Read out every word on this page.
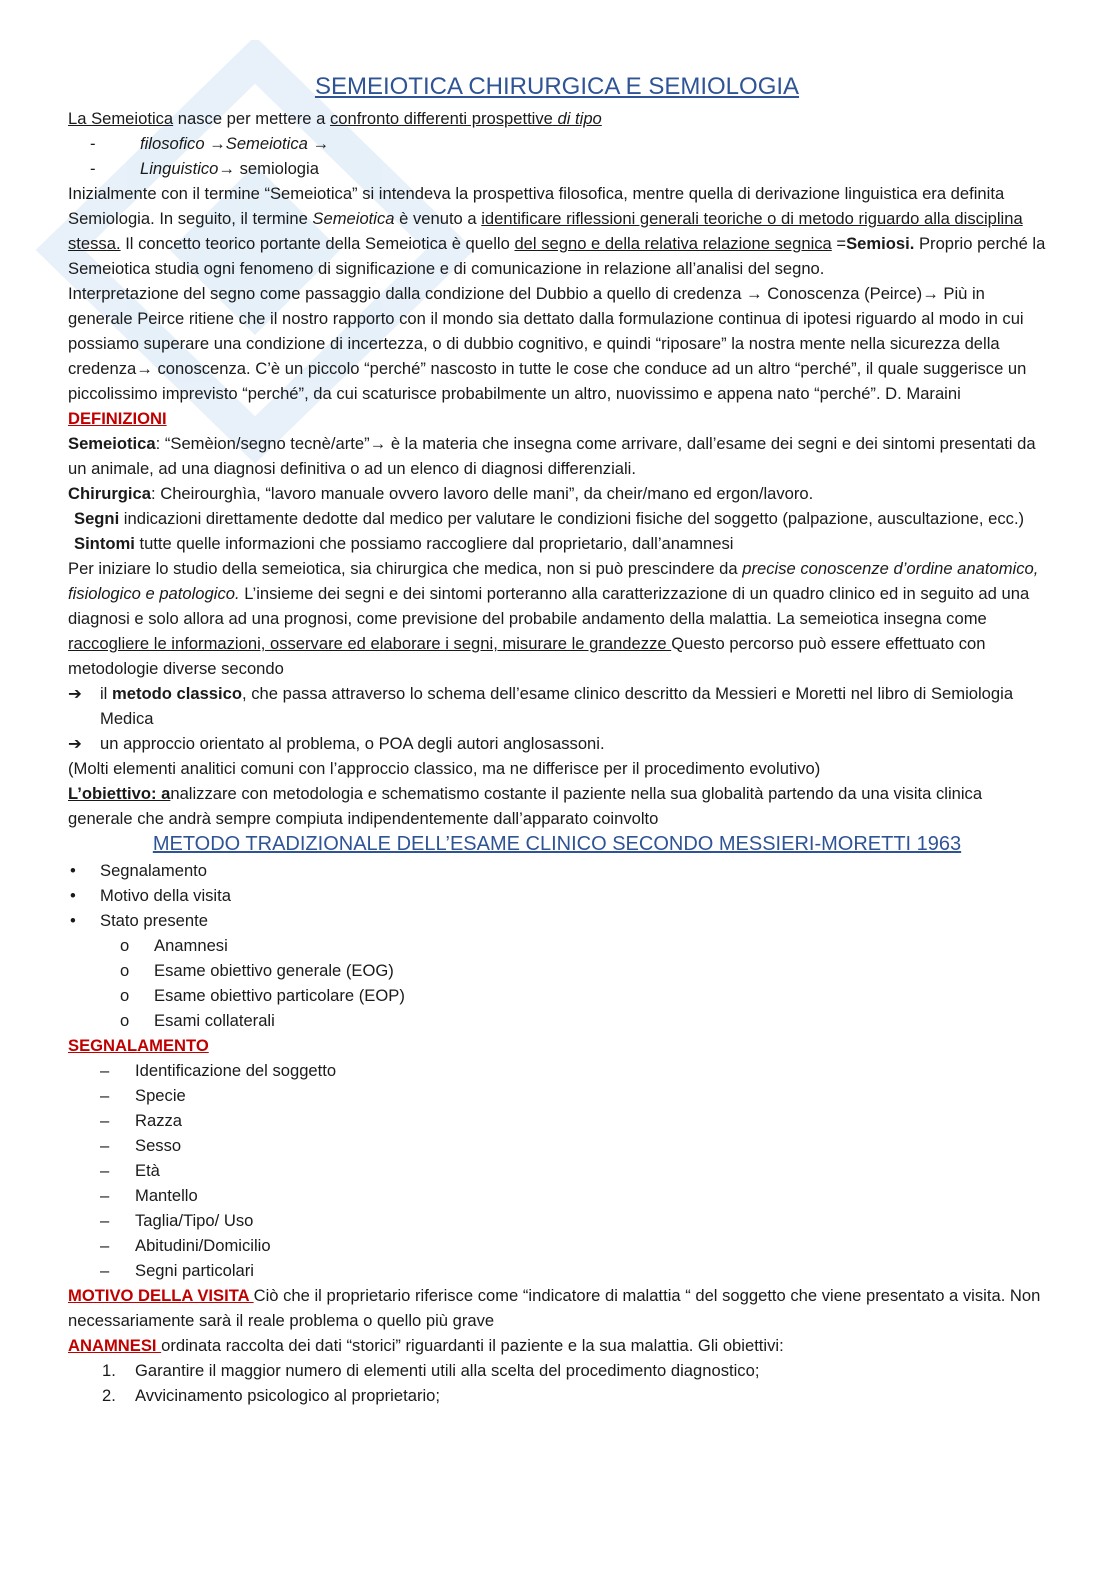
SEMEIOTICA CHIRURGICA E SEMIOLOGIA

La Semeiotica nasce per mettere a confronto differenti prospettive di tipo

- filosofico →Semeiotica →
- Linguistico→ semiologia

Inizialmente con il termine “Semeiotica” si intendeva la prospettiva filosofica, mentre quella di derivazione linguistica era definita Semiologia. In seguito, il termine Semeiotica è venuto a identificare riflessioni generali teoriche o di metodo riguardo alla disciplina stessa. Il concetto teorico portante della Semeiotica è quello del segno e della relativa relazione segnica =Semiosi. Proprio perché la Semeiotica studia ogni fenomeno di significazione e di comunicazione in relazione all’analisi del segno.

Interpretazione del segno come passaggio dalla condizione del Dubbio a quello di credenza → Conoscenza (Peirce)→ Più in generale Peirce ritiene che il nostro rapporto con il mondo sia dettato dalla formulazione continua di ipotesi riguardo al modo in cui possiamo superare una condizione di incertezza, o di dubbio cognitivo, e quindi “riposare” la nostra mente nella sicurezza della credenza→ conoscenza. C’è un piccolo “perché” nascosto in tutte le cose che conduce ad un altro “perché”, il quale suggerisce un piccolissimo imprevisto “perché”, da cui scaturisce probabilmente un altro, nuovissimo e appena nato “perché”. D. Maraini

DEFINIZIONI

Semeiotica: “Semèion/segno tecnè/arte”→ è la materia che insegna come arrivare, dall’esame dei segni e dei sintomi presentati da un animale, ad una diagnosi definitiva o ad un elenco di diagnosi differenziali.

Chirurgica: Cheirourghìa, “lavoro manuale ovvero lavoro delle mani”, da cheir/mano ed ergon/lavoro.

Segni indicazioni direttamente dedotte dal medico per valutare le condizioni fisiche del soggetto (palpazione, auscultazione, ecc.)

Sintomi tutte quelle informazioni che possiamo raccogliere dal proprietario, dall’anamnesi

Per iniziare lo studio della semeiotica, sia chirurgica che medica, non si può prescindere da precise conoscenze d’ordine anatomico, fisiologico e patologico. L’insieme dei segni e dei sintomi porteranno alla caratterizzazione di un quadro clinico ed in seguito ad una diagnosi e solo allora ad una prognosi, come previsione del probabile andamento della malattia. La semeiotica insegna come raccogliere le informazioni, osservare ed elaborare i segni, misurare le grandezze Questo percorso può essere effettuato con metodologie diverse secondo

➔ il metodo classico, che passa attraverso lo schema dell’esame clinico descritto da Messieri e Moretti nel libro di Semiologia Medica

➔ un approccio orientato al problema, o POA degli autori anglosassoni.

(Molti elementi analitici comuni con l’approccio classico, ma ne differisce per il procedimento evolutivo)

L’obiettivo: analizzare con metodologia e schematismo costante il paziente nella sua globalità partendo da una visita clinica generale che andrà sempre compiuta indipendentemente dall’apparato coinvolto

METODO TRADIZIONALE DELL’ESAME CLINICO SECONDO MESSIERI-MORETTI 1963
• Segnalamento
• Motivo della visita
• Stato presente
o Anamnesi
o Esame obiettivo generale (EOG)
o Esame obiettivo particolare (EOP)
o Esami collaterali

SEGNALAMENTO

– Identificazione del soggetto
– Specie
– Razza
– Sesso
– Età
– Mantello
– Taglia/Tipo/ Uso
– Abitudini/Domicilio
– Segni particolari

MOTIVO DELLA VISITA Ciò che il proprietario riferisce come “indicatore di malattia “ del soggetto che viene presentato a visita. Non necessariamente sarà il reale problema o quello più grave

ANAMNESI ordinata raccolta dei dati “storici” riguardanti il paziente e la sua malattia. Gli obiettivi:

1. Garantire il maggior numero di elementi utili alla scelta del procedimento diagnostico;
2. Avvicinamento psicologico al proprietario;
